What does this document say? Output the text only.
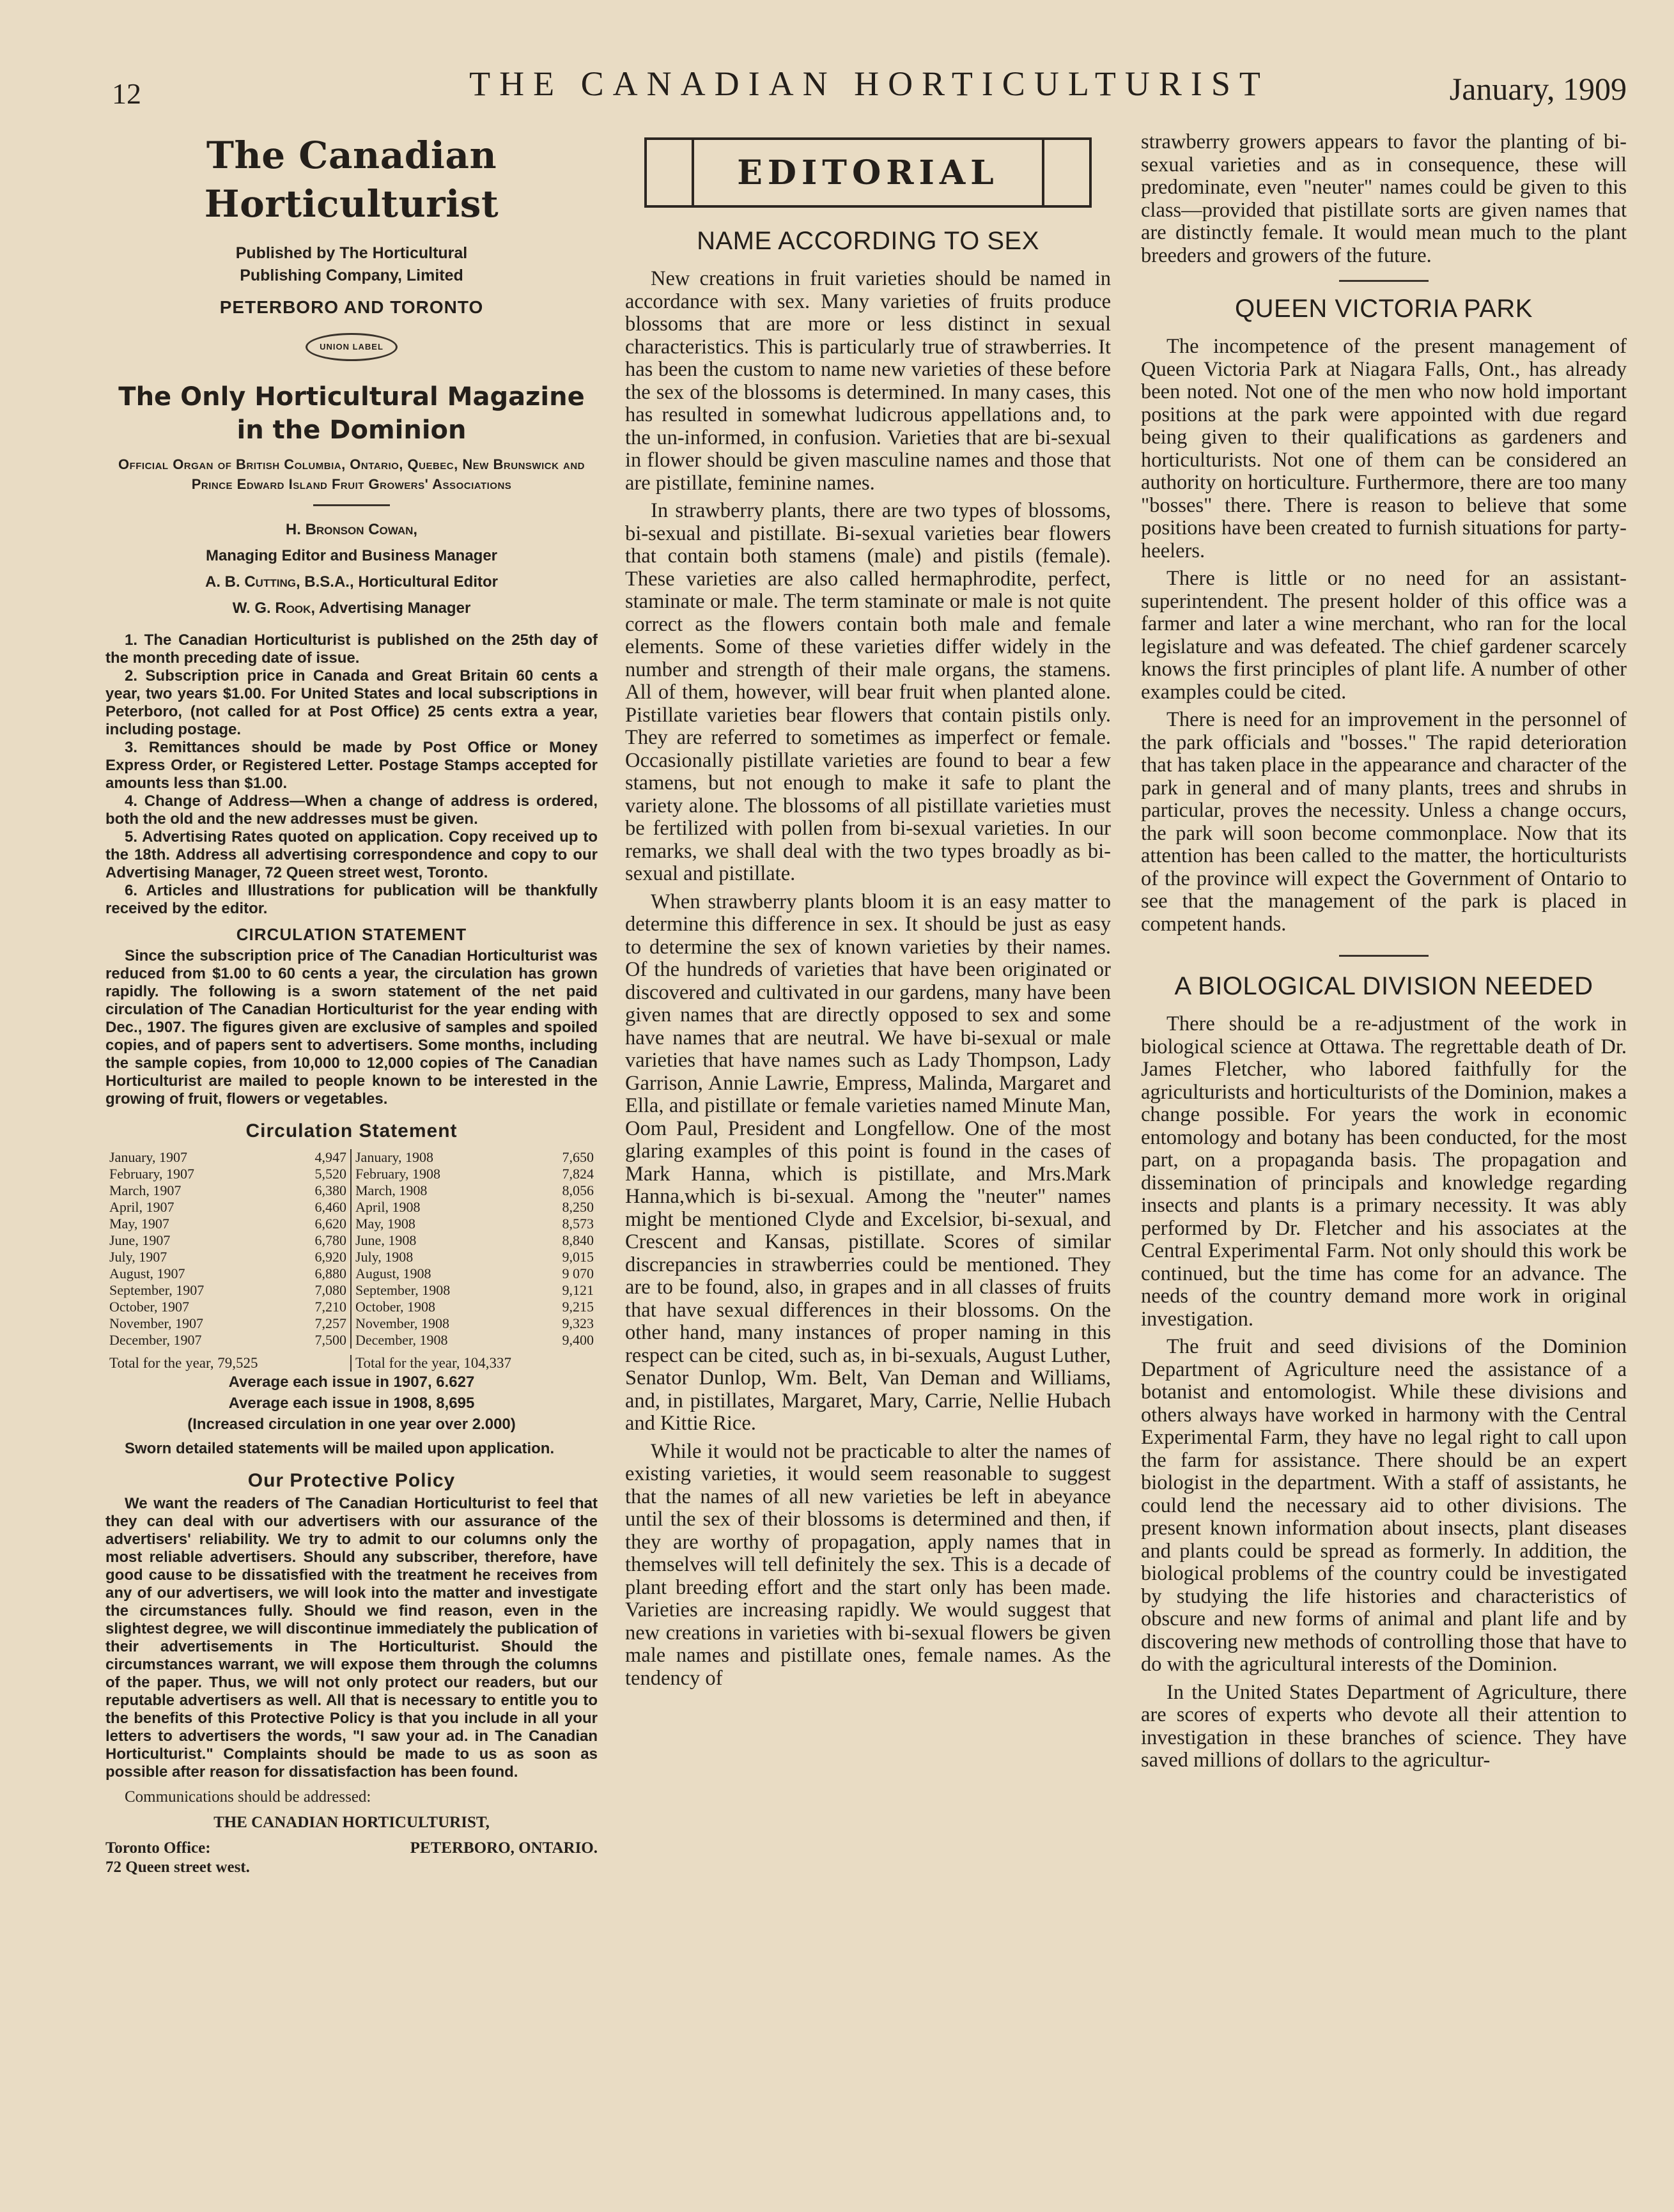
12	THE CANADIAN HORTICULTURIST	January, 1909
The Canadian Horticulturist
Published by The Horticultural
Publishing Company, Limited
PETERBORO AND TORONTO
UNION LABEL
The Only Horticultural Magazine
in the Dominion
Official Organ of British Columbia, Ontario, Quebec, New Brunswick and Prince Edward Island Fruit Growers' Associations
H. Bronson Cowan,
Managing Editor and Business Manager
A. B. Cutting, B.S.A., Horticultural Editor
W. G. Rook, Advertising Manager

1. The Canadian Horticulturist is published on the 25th day of the month preceding date of issue.

2. Subscription price in Canada and Great Britain 60 cents a year, two years $1.00. For United States and local subscriptions in Peterboro, (not called for at Post Office) 25 cents extra a year, including postage.

3. Remittances should be made by Post Office or Money Express Order, or Registered Letter. Postage Stamps accepted for amounts less than $1.00.

4. Change of Address—When a change of address is ordered, both the old and the new addresses must be given.

5. Advertising Rates quoted on application. Copy received up to the 18th. Address all advertising correspondence and copy to our Advertising Manager, 72 Queen street west, Toronto.

6. Articles and Illustrations for publication will be thankfully received by the editor.

CIRCULATION STATEMENT
Since the subscription price of The Canadian Horticulturist was reduced from $1.00 to 60 cents a year, the circulation has grown rapidly. The following is a sworn statement of the net paid circulation of The Canadian Horticulturist for the year ending with Dec., 1907. The figures given are exclusive of samples and spoiled copies, and of papers sent to advertisers. Some months, including the sample copies, from 10,000 to 12,000 copies of The Canadian Horticulturist are mailed to people known to be interested in the growing of fruit, flowers or vegetables.
Circulation Statement
January, 1907	4,947
February, 1907	5,520
March, 1907	6,380
April, 1907	6,460
May, 1907	6,620
June, 1907	6,780
July, 1907	6,920
August, 1907	6,880
September, 1907	7,080
October, 1907	7,210
November, 1907	7,257
December, 1907	7,500
January, 1908	7,650
February, 1908	7,824
March, 1908	8,056
April, 1908	8,250
May, 1908	8,573
June, 1908	8,840
July, 1908	9,015
August, 1908	9 070
September, 1908	9,121
October, 1908	9,215
November, 1908	9,323
December, 1908	9,400
Total for the year, 79,525	Total for the year, 104,337
Average each issue in 1907, 6.627
Average each issue in 1908, 8,695
(Increased circulation in one year over 2.000)
Sworn detailed statements will be mailed upon application.
Our Protective Policy
We want the readers of The Canadian Horticulturist to feel that they can deal with our advertisers with our assurance of the advertisers' reliability. We try to admit to our columns only the most reliable advertisers. Should any subscriber, therefore, have good cause to be dissatisfied with the treatment he receives from any of our advertisers, we will look into the matter and investigate the circumstances fully. Should we find reason, even in the slightest degree, we will discontinue immediately the publication of their advertisements in The Horticulturist. Should the circumstances warrant, we will expose them through the columns of the paper. Thus, we will not only protect our readers, but our reputable advertisers as well. All that is necessary to entitle you to the benefits of this Protective Policy is that you include in all your letters to advertisers the words, "I saw your ad. in The Canadian Horticulturist." Complaints should be made to us as soon as possible after reason for dissatisfaction has been found.
Communications should be addressed:
THE CANADIAN HORTICULTURIST,
Toronto Office:	PETERBORO, ONTARIO.
72 Queen street west.
EDITORIAL
NAME ACCORDING TO SEX

New creations in fruit varieties should be named in accordance with sex. Many varieties of fruits produce blossoms that are more or less distinct in sexual characteristics. This is particularly true of strawberries. It has been the custom to name new varieties of these before the sex of the blossoms is determined. In many cases, this has resulted in somewhat ludicrous appellations and, to the un-informed, in confusion. Varieties that are bi-sexual in flower should be given masculine names and those that are pistillate, feminine names.

In strawberry plants, there are two types of blossoms, bi-sexual and pistillate. Bi-sexual varieties bear flowers that contain both stamens (male) and pistils (female). These varieties are also called hermaphrodite, perfect, staminate or male. The term staminate or male is not quite correct as the flowers contain both male and female elements. Some of these varieties differ widely in the number and strength of their male organs, the stamens. All of them, however, will bear fruit when planted alone. Pistillate varieties bear flowers that contain pistils only. They are referred to sometimes as imperfect or female. Occasionally pistillate varieties are found to bear a few stamens, but not enough to make it safe to plant the variety alone. The blossoms of all pistillate varieties must be fertilized with pollen from bi-sexual varieties. In our remarks, we shall deal with the two types broadly as bi-sexual and pistillate.

When strawberry plants bloom it is an easy matter to determine this difference in sex. It should be just as easy to determine the sex of known varieties by their names. Of the hundreds of varieties that have been originated or discovered and cultivated in our gardens, many have been given names that are directly opposed to sex and some have names that are neutral. We have bi-sexual or male varieties that have names such as Lady Thompson, Lady Garrison, Annie Lawrie, Empress, Malinda, Margaret and Ella, and pistillate or female varieties named Minute Man, Oom Paul, President and Longfellow. One of the most glaring examples of this point is found in the cases of Mark Hanna, which is pistillate, and Mrs.Mark Hanna,which is bi-sexual. Among the "neuter" names might be mentioned Clyde and Excelsior, bi-sexual, and Crescent and Kansas, pistillate. Scores of similar discrepancies in strawberries could be mentioned. They are to be found, also, in grapes and in all classes of fruits that have sexual differences in their blossoms. On the other hand, many instances of proper naming in this respect can be cited, such as, in bi-sexuals, August Luther, Senator Dunlop, Wm. Belt, Van Deman and Williams, and, in pistillates, Margaret, Mary, Carrie, Nellie Hubach and Kittie Rice.

While it would not be practicable to alter the names of existing varieties, it would seem reasonable to suggest that the names of all new varieties be left in abeyance until the sex of their blossoms is determined and then, if they are worthy of propagation, apply names that in themselves will tell definitely the sex. This is a decade of plant breeding effort and the start only has been made. Varieties are increasing rapidly. We would suggest that new creations in varieties with bi-sexual flowers be given male names and pistillate ones, female names. As the tendency of

strawberry growers appears to favor the planting of bi-sexual varieties and as in consequence, these will predominate, even "neuter" names could be given to this class—provided that pistillate sorts are given names that are distinctly female. It would mean much to the plant breeders and growers of the future.

QUEEN VICTORIA PARK

The incompetence of the present management of Queen Victoria Park at Niagara Falls, Ont., has already been noted. Not one of the men who now hold important positions at the park were appointed with due regard being given to their qualifications as gardeners and horticulturists. Not one of them can be considered an authority on horticulture. Furthermore, there are too many "bosses" there. There is reason to believe that some positions have been created to furnish situations for party-heelers.

There is little or no need for an assistant-superintendent. The present holder of this office was a farmer and later a wine merchant, who ran for the local legislature and was defeated. The chief gardener scarcely knows the first principles of plant life. A number of other examples could be cited.

There is need for an improvement in the personnel of the park officials and "bosses." The rapid deterioration that has taken place in the appearance and character of the park in general and of many plants, trees and shrubs in particular, proves the necessity. Unless a change occurs, the park will soon become commonplace. Now that its attention has been called to the matter, the horticulturists of the province will expect the Government of Ontario to see that the management of the park is placed in competent hands.

A BIOLOGICAL DIVISION NEEDED

There should be a re-adjustment of the work in biological science at Ottawa. The regrettable death of Dr. James Fletcher, who labored faithfully for the agriculturists and horticulturists of the Dominion, makes a change possible. For years the work in economic entomology and botany has been conducted, for the most part, on a propaganda basis. The propagation and dissemination of principals and knowledge regarding insects and plants is a primary necessity. It was ably performed by Dr. Fletcher and his associates at the Central Experimental Farm. Not only should this work be continued, but the time has come for an advance. The needs of the country demand more work in original investigation.

The fruit and seed divisions of the Dominion Department of Agriculture need the assistance of a botanist and entomologist. While these divisions and others always have worked in harmony with the Central Experimental Farm, they have no legal right to call upon the farm for assistance. There should be an expert biologist in the department. With a staff of assistants, he could lend the necessary aid to other divisions. The present known information about insects, plant diseases and plants could be spread as formerly. In addition, the biological problems of the country could be investigated by studying the life histories and characteristics of obscure and new forms of animal and plant life and by discovering new methods of controlling those that have to do with the agricultural interests of the Dominion.

In the United States Department of Agriculture, there are scores of experts who devote all their attention to investigation in these branches of science. They have saved millions of dollars to the agricultur-
